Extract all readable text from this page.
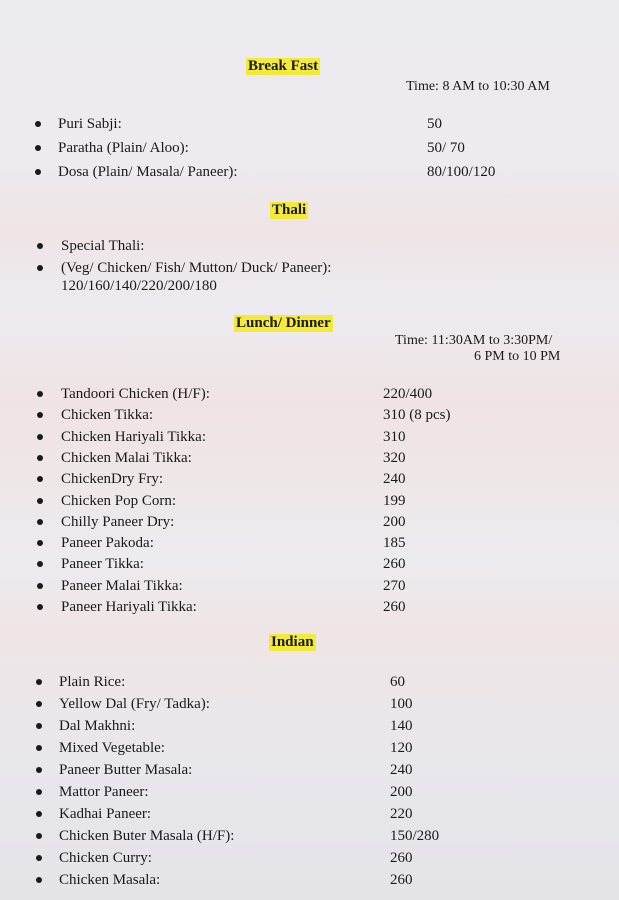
Break Fast
Time: 8 AM to 10:30 AM
Puri Sabji:	50
Paratha (Plain/ Aloo):	50/ 70
Dosa (Plain/ Masala/ Paneer):	80/100/120
Thali
Special Thali:
(Veg/ Chicken/ Fish/ Mutton/ Duck/ Paneer):
120/160/140/220/200/180
Lunch/ Dinner
Time: 11:30AM to 3:30PM/
6 PM to 10 PM
Tandoori Chicken (H/F):	220/400
Chicken Tikka:	310 (8 pcs)
Chicken Hariyali Tikka:	310
Chicken Malai Tikka:	320
ChickenDry Fry:	240
Chicken Pop Corn:	199
Chilly Paneer Dry:	200
Paneer Pakoda:	185
Paneer Tikka:	260
Paneer Malai Tikka:	270
Paneer Hariyali Tikka:	260
Indian
Plain Rice:	60
Yellow Dal (Fry/ Tadka):	100
Dal Makhni:	140
Mixed Vegetable:	120
Paneer Butter Masala:	240
Mattor Paneer:	200
Kadhai Paneer:	220
Chicken Buter Masala (H/F):	150/280
Chicken Curry:	260
Chicken Masala:	260
